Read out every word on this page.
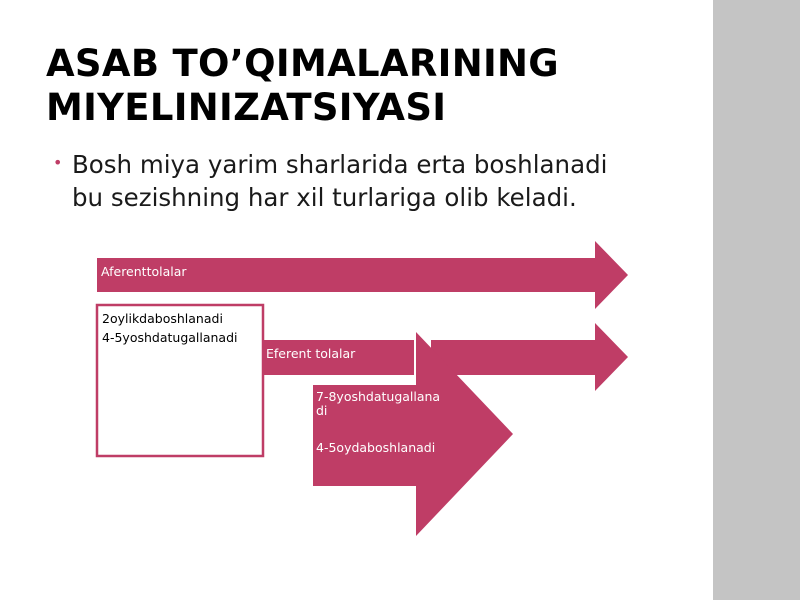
ASAB TO’QIMALARINING
MIYELINIZATSIYASI
• Bosh miya yarim sharlarida erta boshlanadi
bu sezishning har xil turlariga olib keladi.
Aferenttolalar
2oylikdaboshlanadi
4-5yoshdatugallanadi
Eferent tolalar
7-8yoshdatugallanadi
4-5oydaboshlanadi
